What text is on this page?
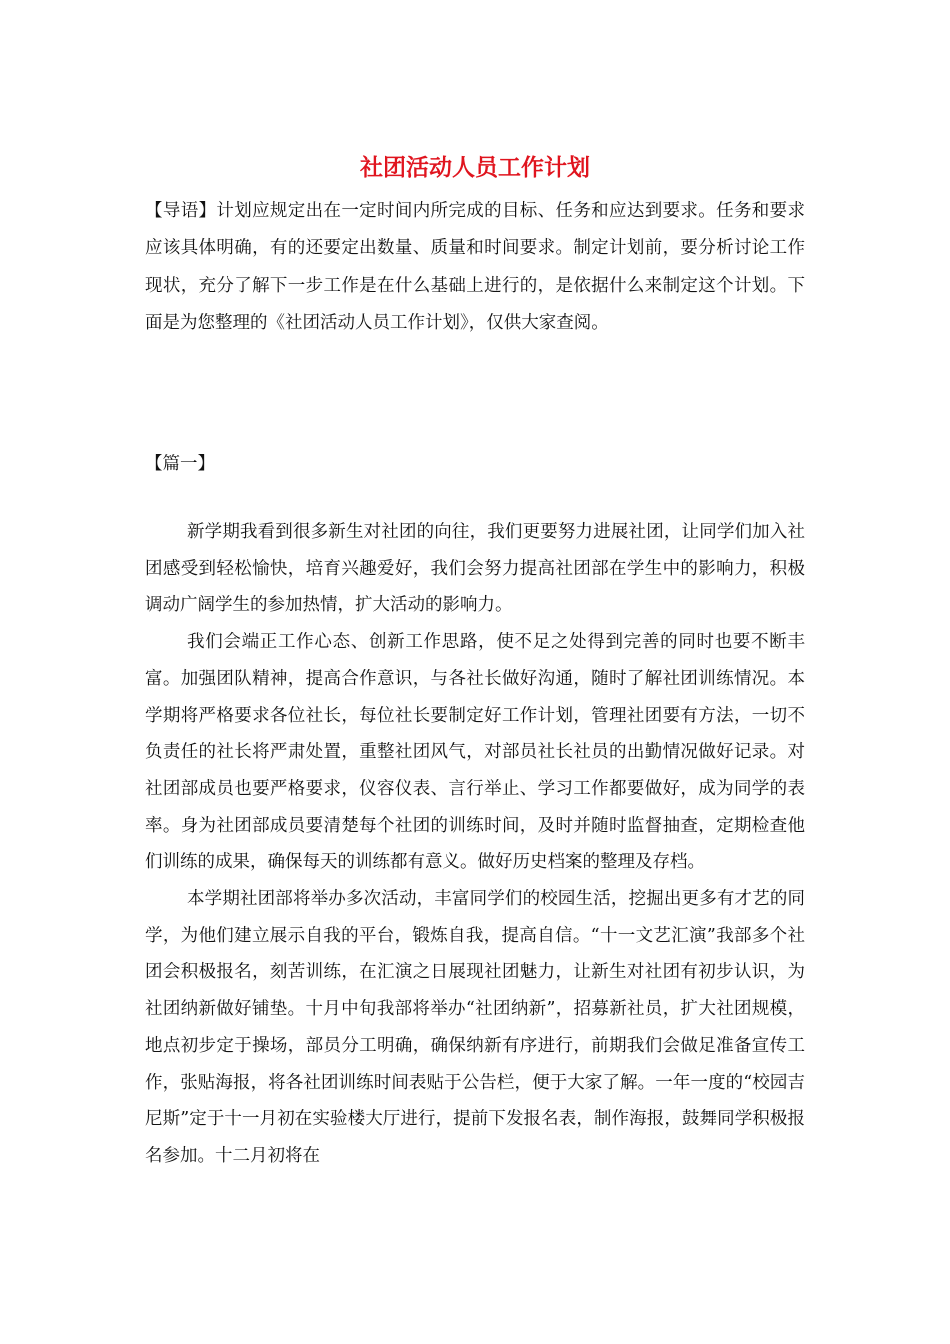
社团活动人员工作计划
【导语】计划应规定出在一定时间内所完成的目标、任务和应达到要求。任务和要求应该具体明确，有的还要定出数量、质量和时间要求。制定计划前，要分析讨论工作现状，充分了解下一步工作是在什么基础上进行的，是依据什么来制定这个计划。下面是为您整理的《社团活动人员工作计划》，仅供大家查阅。
【篇一】

新学期我看到很多新生对社团的向往，我们更要努力进展社团，让同学们加入社团感受到轻松愉快，培育兴趣爱好，我们会努力提高社团部在学生中的影响力，积极调动广阔学生的参加热情，扩大活动的影响力。

我们会端正工作心态、创新工作思路，使不足之处得到完善的同时也要不断丰富。加强团队精神，提高合作意识，与各社长做好沟通，随时了解社团训练情况。本学期将严格要求各位社长，每位社长要制定好工作计划，管理社团要有方法，一切不负责任的社长将严肃处置，重整社团风气，对部员社长社员的出勤情况做好记录。对社团部成员也要严格要求，仪容仪表、言行举止、学习工作都要做好，成为同学的表率。身为社团部成员要清楚每个社团的训练时间，及时并随时监督抽查，定期检查他们训练的成果，确保每天的训练都有意义。做好历史档案的整理及存档。

本学期社团部将举办多次活动，丰富同学们的校园生活，挖掘出更多有才艺的同学，为他们建立展示自我的平台，锻炼自我，提高自信。“十一文艺汇演”我部多个社团会积极报名，刻苦训练，在汇演之日展现社团魅力，让新生对社团有初步认识，为社团纳新做好铺垫。十月中旬我部将举办“社团纳新”，招募新社员，扩大社团规模，地点初步定于操场，部员分工明确，确保纳新有序进行，前期我们会做足准备宣传工作，张贴海报，将各社团训练时间表贴于公告栏，便于大家了解。一年一度的“校园吉尼斯”定于十一月初在实验楼大厅进行，提前下发报名表，制作海报，鼓舞同学积极报名参加。十二月初将在
